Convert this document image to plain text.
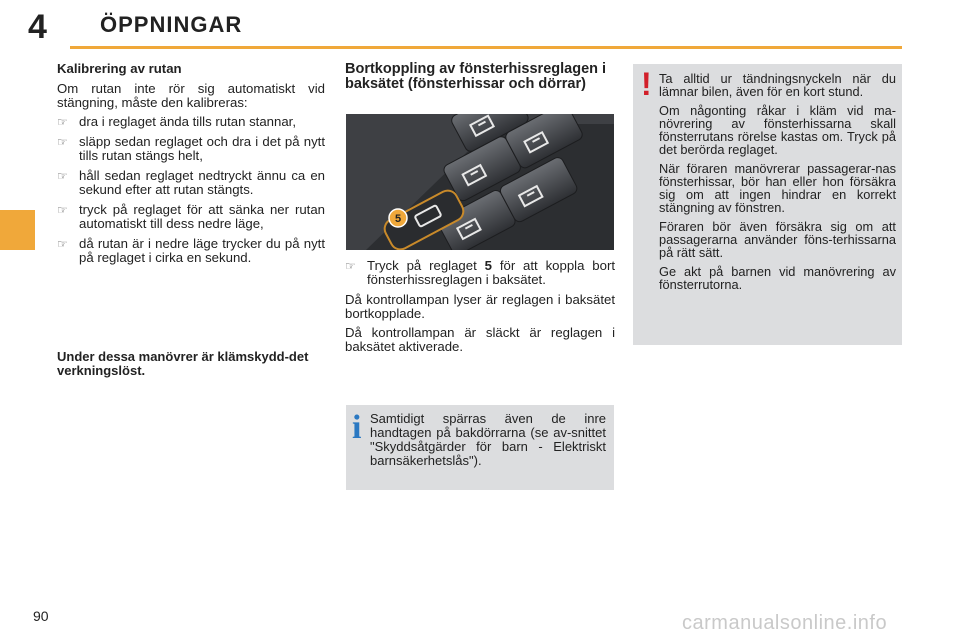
4 ÖPPNINGAR
Kalibrering av rutan

Om rutan inte rör sig automatiskt vid stängning, måste den kalibreras:

☞ dra i reglaget ända tills rutan stannar,
☞ släpp sedan reglaget och dra i det på nytt tills rutan stängs helt,
☞ håll sedan reglaget nedtryckt ännu ca en sekund efter att rutan stängts.
☞ tryck på reglaget för att sänka ner rutan automatiskt till dess nedre läge,
☞ då rutan är i nedre läge trycker du på nytt på reglaget i cirka en sekund.
Under dessa manövrer är klämskydd-det verkningslöst.
Bortkoppling av fönsterhissreglagen i baksätet (fönsterhissar och dörrar)
5
☞ Tryck på reglaget 5 för att koppla bort fönsterhissreglagen i baksätet.

Då kontrollampan lyser är reglagen i baksätet bortkopplade.

Då kontrollampan är släckt är reglagen i baksätet aktiverade.

! Ta alltid ur tändningsnyckeln när du lämnar bilen, även för en kort stund.

Om någonting råkar i kläm vid ma-növrering av fönsterhissarna skall fönsterrutans rörelse kastas om. Tryck på det berörda reglaget.

När föraren manövrerar passagerar-nas fönsterhissar, bör han eller hon försäkra sig om att ingen hindrar en korrekt stängning av fönstren.

Föraren bör även försäkra sig om att passagerarna använder föns-terhissarna på rätt sätt.

Ge akt på barnen vid manövrering av fönsterrutorna.

i Samtidigt spärras även de inre handtagen på bakdörrarna (se av-snittet "Skyddsåtgärder för barn - Elektriskt barnsäkerhetslås").
90	carmanualsonline.info
